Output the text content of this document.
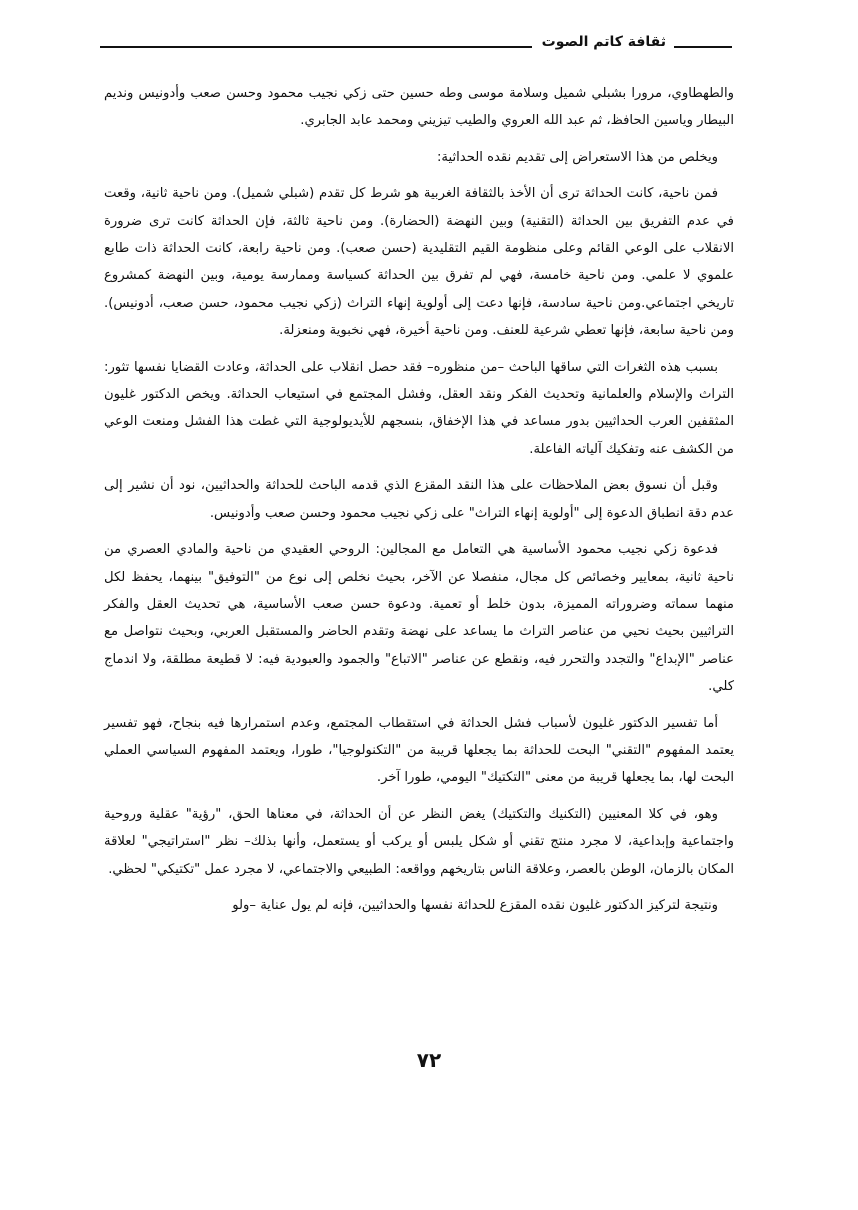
ثقافة كاتم الصوت

والطهطاوي، مرورا بشبلي شميل وسلامة موسى وطه حسين حتى زكي نجيب محمود وحسن صعب وأدونيس ونديم البيطار وياسين الحافظ، ثم عبد الله العروي والطيب تيزيني ومحمد عابد الجابري.

ويخلص من هذا الاستعراض إلى تقديم نقده الحداثية:

فمن ناحية، كانت الحداثة ترى أن الأخذ بالثقافة الغربية هو شرط كل تقدم (شبلي شميل). ومن ناحية ثانية، وقعت في عدم التفريق بين الحداثة (التقنية) وبين النهضة (الحضارة). ومن ناحية ثالثة، فإن الحداثة كانت ترى ضرورة الانقلاب على الوعي القائم وعلى منظومة القيم التقليدية (حسن صعب). ومن ناحية رابعة، كانت الحداثة ذات طابع علموي لا علمي. ومن ناحية خامسة، فهي لم تفرق بين الحداثة كسياسة وممارسة يومية، وبين النهضة كمشروع تاريخي اجتماعي.ومن ناحية سادسة، فإنها دعت إلى أولوية إنهاء التراث (زكي نجيب محمود، حسن صعب، أدونيس). ومن ناحية سابعة، فإنها تعطي شرعية للعنف. ومن ناحية أخيرة، فهي نخبوية ومنعزلة.

بسبب هذه الثغرات التي ساقها الباحث –من منظوره– فقد حصل انقلاب على الحداثة، وعادت القضايا نفسها تثور: التراث والإسلام والعلمانية وتحديث الفكر ونقد العقل، وفشل المجتمع في استيعاب الحداثة. ويخص الدكتور غليون المثقفين العرب الحداثيين بدور مساعد في هذا الإخفاق، بنسجهم للأيديولوجية التي غطت هذا الفشل ومنعت الوعي من الكشف عنه وتفكيك آلياته الفاعلة.

وقبل أن نسوق بعض الملاحظات على هذا النقد المقزع الذي قدمه الباحث للحداثة والحداثيين، نود أن نشير إلى عدم دقة انطباق الدعوة إلى "أولوية إنهاء التراث" على زكي نجيب محمود وحسن صعب وأدونيس.

فدعوة زكي نجيب محمود الأساسية هي التعامل مع المجالين: الروحي العقيدي من ناحية والمادي العصري من ناحية ثانية، بمعايير وخصائص كل مجال، منفصلا عن الآخر، بحيث نخلص إلى نوع من "التوفيق" بينهما، يحفظ لكل منهما سماته وضروراته المميزة، بدون خلط أو تعمية. ودعوة حسن صعب الأساسية، هي تحديث العقل والفكر التراثيين بحيث نحيي من عناصر التراث ما يساعد على نهضة وتقدم الحاضر والمستقبل العربي، وبحيث نتواصل مع عناصر "الإبداع" والتجدد والتحرر فيه، ونقطع عن عناصر "الاتباع" والجمود والعبودية فيه: لا قطيعة مطلقة، ولا اندماج كلي.

أما تفسير الدكتور غليون لأسباب فشل الحداثة في استقطاب المجتمع، وعدم استمرارها فيه بنجاح، فهو تفسير يعتمد المفهوم "التقني" البحت للحداثة بما يجعلها قريبة من "التكنولوجيا"، طورا، ويعتمد المفهوم السياسي العملي البحت لها، بما يجعلها قريبة من معنى "التكتيك" اليومي، طورا آخر.

وهو، في كلا المعنيين (التكنيك والتكتيك) يغض النظر عن أن الحداثة، في معناها الحق، "رؤية" عقلية وروحية واجتماعية وإبداعية، لا مجرد منتج تقني أو شكل يلبس أو يركب أو يستعمل، وأنها بذلك– نظر "استراتيجي" لعلاقة المكان بالزمان، الوطن بالعصر، وعلاقة الناس بتاريخهم وواقعه: الطبيعي والاجتماعي، لا مجرد عمل "تكتيكي" لحظي.

ونتيجة لتركيز الدكتور غليون نقده المقزع للحداثة نفسها والحداثيين، فإنه لم يول عناية –ولو

٧٢
